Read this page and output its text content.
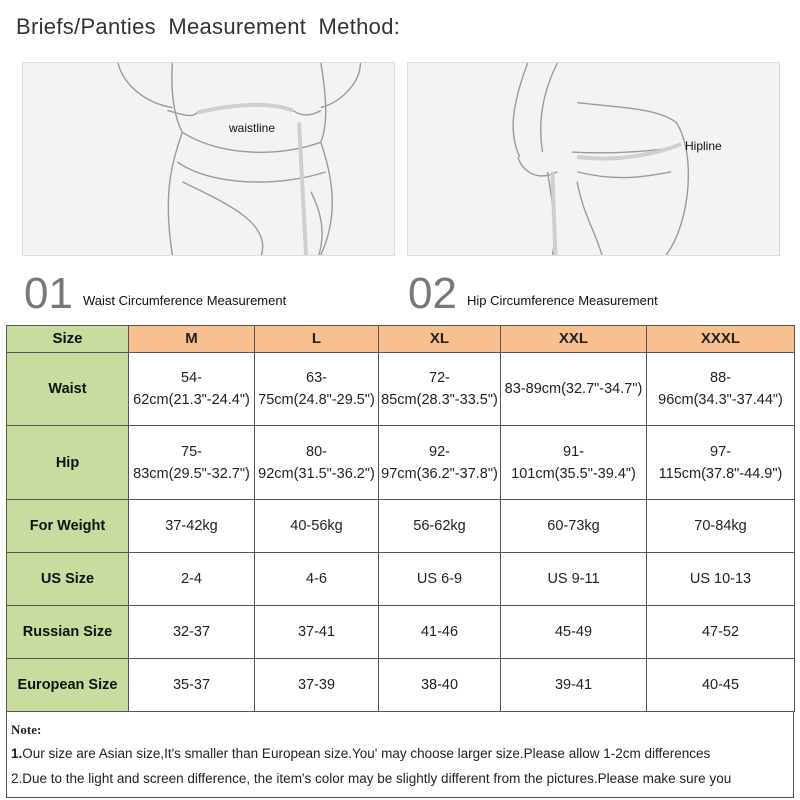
Briefs/Panties Measurement Method:
waistline
Hipline
01 Waist Circumference Measurement	02 Hip Circumference Measurement
Size	M	L	XL	XXL	XXXL
Waist	54-62cm(21.3"-24.4")	63-75cm(24.8"-29.5")	72-85cm(28.3"-33.5")	83-89cm(32.7"-34.7")	88-96cm(34.3"-37.44")
Hip	75-83cm(29.5"-32.7")	80-92cm(31.5"-36.2")	92-97cm(36.2"-37.8")	91-101cm(35.5"-39.4")	97-115cm(37.8"-44.9")
For Weight	37-42kg	40-56kg	56-62kg	60-73kg	70-84kg
US Size	2-4	4-6	US 6-9	US 9-11	US 10-13
Russian Size	32-37	37-41	41-46	45-49	47-52
European Size	35-37	37-39	38-40	39-41	40-45
Note:
1.Our size are Asian size,It's smaller than European size.You' may choose larger size.Please allow 1-2cm differences
2.Due to the light and screen difference, the item's color may be slightly different from the pictures.Please make sure you
